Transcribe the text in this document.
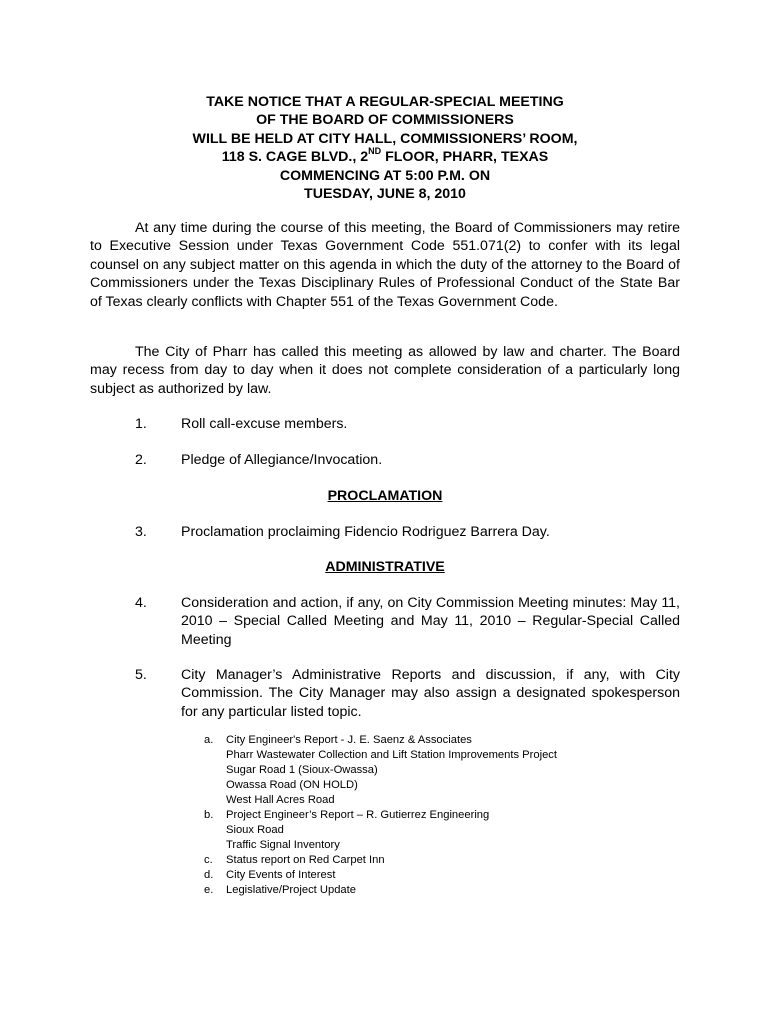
TAKE NOTICE THAT A REGULAR-SPECIAL MEETING
OF THE BOARD OF COMMISSIONERS
WILL BE HELD AT CITY HALL, COMMISSIONERS’ ROOM,
118 S. CAGE BLVD., 2ND FLOOR, PHARR, TEXAS
COMMENCING AT 5:00 P.M. ON
TUESDAY, JUNE 8, 2010

At any time during the course of this meeting, the Board of Commissioners may retire to Executive Session under Texas Government Code 551.071(2) to confer with its legal counsel on any subject matter on this agenda in which the duty of the attorney to the Board of Commissioners under the Texas Disciplinary Rules of Professional Conduct of the State Bar of Texas clearly conflicts with Chapter 551 of the Texas Government Code.

The City of Pharr has called this meeting as allowed by law and charter. The Board may recess from day to day when it does not complete consideration of a particularly long subject as authorized by law.

1. Roll call-excuse members.
2. Pledge of Allegiance/Invocation.
PROCLAMATION
3. Proclamation proclaiming Fidencio Rodriguez Barrera Day.
ADMINISTRATIVE
4. Consideration and action, if any, on City Commission Meeting minutes: May 11, 2010 – Special Called Meeting and May 11, 2010 – Regular-Special Called Meeting
5. City Manager’s Administrative Reports and discussion, if any, with City Commission. The City Manager may also assign a designated spokesperson for any particular listed topic.
a. City Engineer's Report - J. E. Saenz & Associates
Pharr Wastewater Collection and Lift Station Improvements Project
Sugar Road 1 (Sioux-Owassa)
Owassa Road (ON HOLD)
West Hall Acres Road
b. Project Engineer’s Report – R. Gutierrez Engineering
Sioux Road
Traffic Signal Inventory
c. Status report on Red Carpet Inn
d. City Events of Interest
e. Legislative/Project Update
